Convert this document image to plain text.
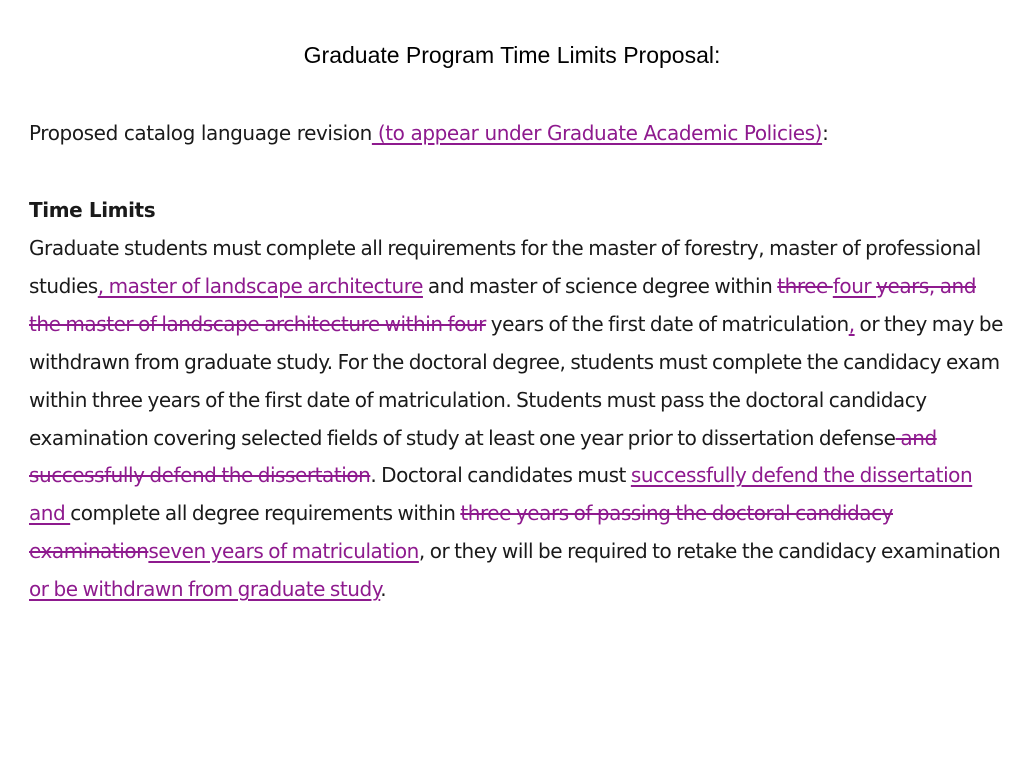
Graduate Program Time Limits Proposal:
Proposed catalog language revision (to appear under Graduate Academic Policies):
Time Limits
Graduate students must complete all requirements for the master of forestry, master of professional studies, master of landscape architecture and master of science degree within three four years, and the master of landscape architecture within four years of the first date of matriculation, or they may be withdrawn from graduate study. For the doctoral degree, students must complete the candidacy exam within three years of the first date of matriculation. Students must pass the doctoral candidacy examination covering selected fields of study at least one year prior to dissertation defense and successfully defend the dissertation. Doctoral candidates must successfully defend the dissertation and complete all degree requirements within three years of passing the doctoral candidacy examinationseven years of matriculation, or they will be required to retake the candidacy examination or be withdrawn from graduate study.
